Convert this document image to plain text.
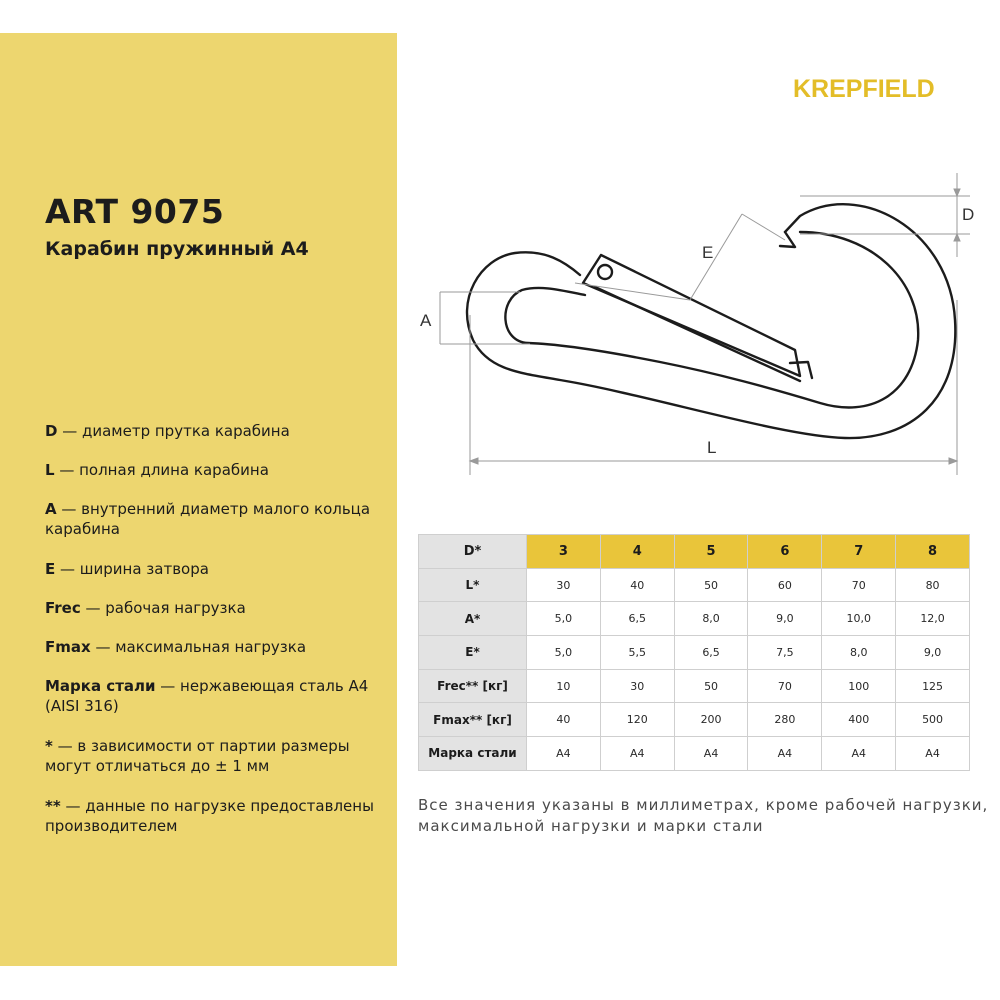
ART 9075
Карабин пружинный А4
D — диаметр прутка карабина
L — полная длина карабина
A — внутренний диаметр малого кольца карабина
E — ширина затвора
Frec — рабочая нагрузка
Fmax — максимальная нагрузка
Марка стали — нержавеющая сталь А4 (AISI 316)
* — в зависимости от партии размеры могут отличаться до ± 1 мм
** — данные по нагрузке предоставлены производителем
KREPFIELD
D
E
A
L
D*	3	4	5	6	7	8
L*	30	40	50	60	70	80
A*	5,0	6,5	8,0	9,0	10,0	12,0
E*	5,0	5,5	6,5	7,5	8,0	9,0
Frec** [кг]	10	30	50	70	100	125
Fmax** [кг]	40	120	200	280	400	500
Марка стали	А4	А4	А4	А4	А4	А4

Все значения указаны в миллиметрах, кроме рабочей нагрузки, максимальной нагрузки и марки стали
